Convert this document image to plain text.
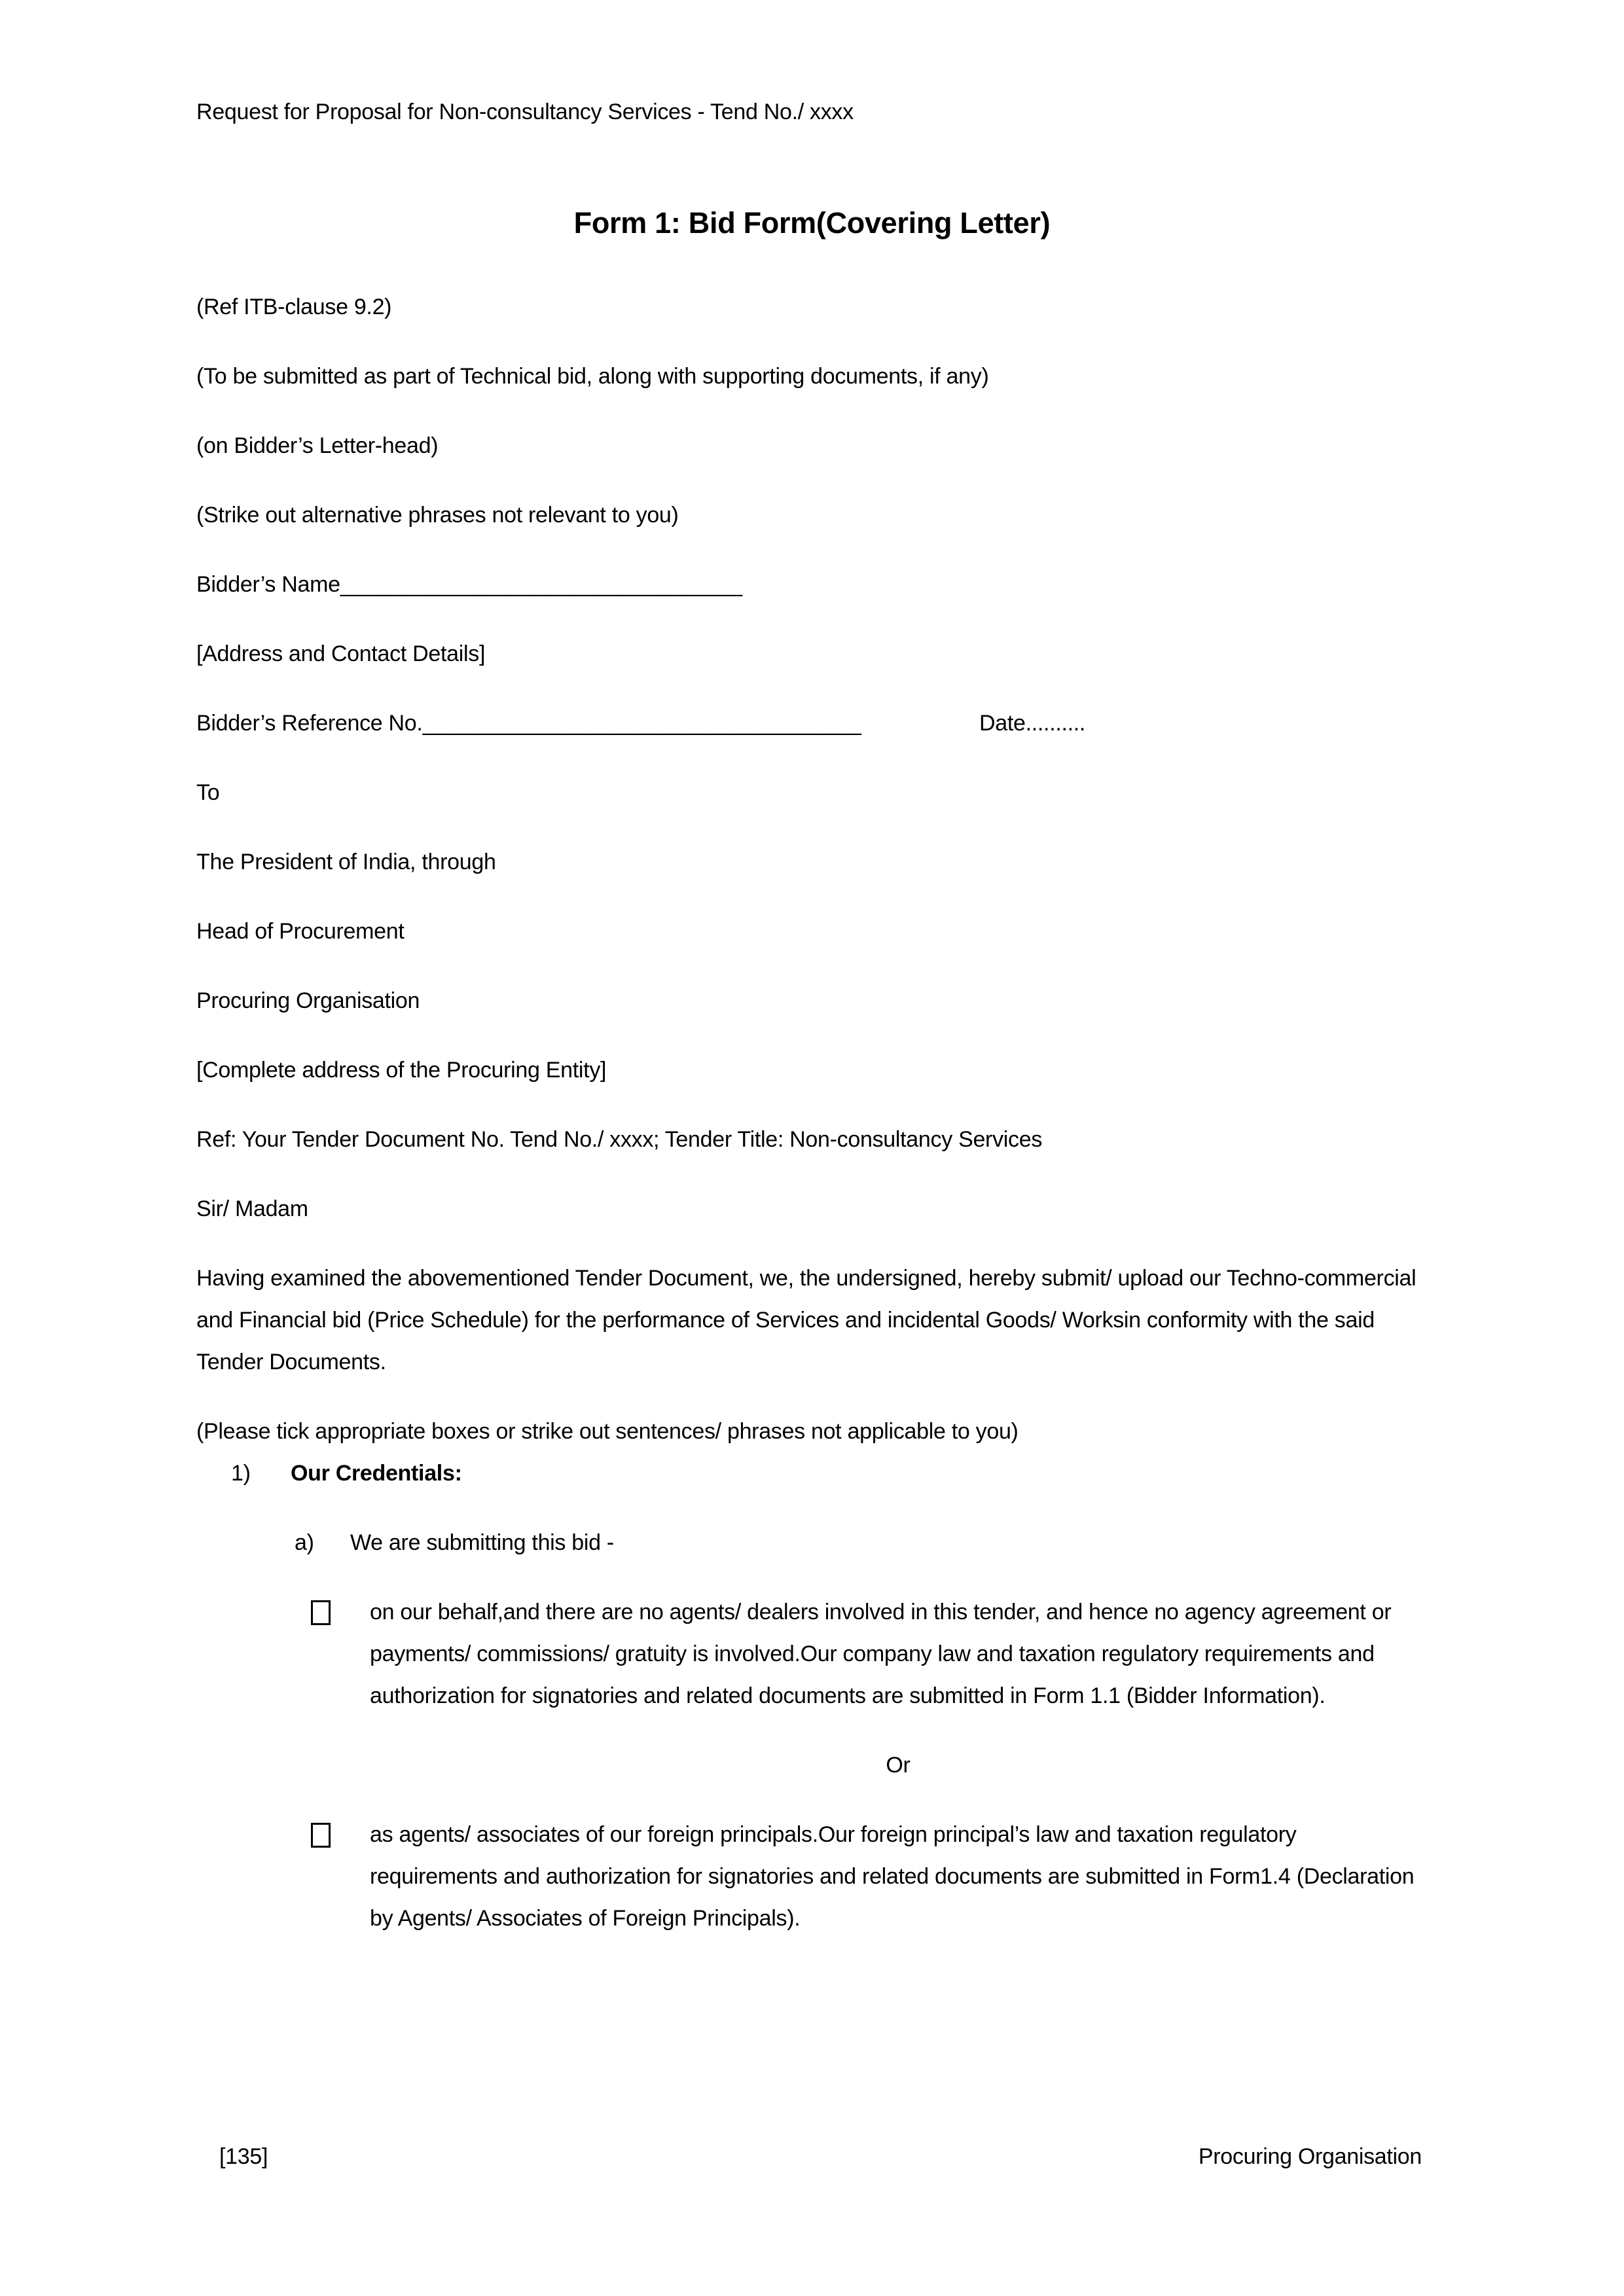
Request for Proposal for Non-consultancy Services - Tend No./ xxxx

Form 1: Bid Form(Covering Letter)

(Ref ITB-clause 9.2)

(To be submitted as part of Technical bid, along with supporting documents, if any)

(on Bidder’s Letter-head)

(Strike out alternative phrases not relevant to you)

Bidder’s Name_________________________________

[Address and Contact Details]

Bidder’s Reference No.____________________________________	Date..........

To

The President of India, through

Head of Procurement

Procuring Organisation

[Complete address of the Procuring Entity]

Ref: Your Tender Document No. Tend No./ xxxx; Tender Title: Non-consultancy Services

Sir/ Madam

Having examined the abovementioned Tender Document, we, the undersigned, hereby submit/ upload our Techno-commercial and Financial bid (Price Schedule) for the performance of Services and incidental Goods/ Worksin conformity with the said Tender Documents.

(Please tick appropriate boxes or strike out sentences/ phrases not applicable to you)

1) Our Credentials:

a) We are submitting this bid -

on our behalf,and there are no agents/ dealers involved in this tender, and hence no agency agreement or payments/ commissions/ gratuity is involved.Our company law and taxation regulatory requirements and authorization for signatories and related documents are submitted in Form 1.1 (Bidder Information).
Or
as agents/ associates of our foreign principals.Our foreign principal’s law and taxation regulatory requirements and authorization for signatories and related documents are submitted in Form1.4 (Declaration by Agents/ Associates of Foreign Principals).
[135]	Procuring Organisation
